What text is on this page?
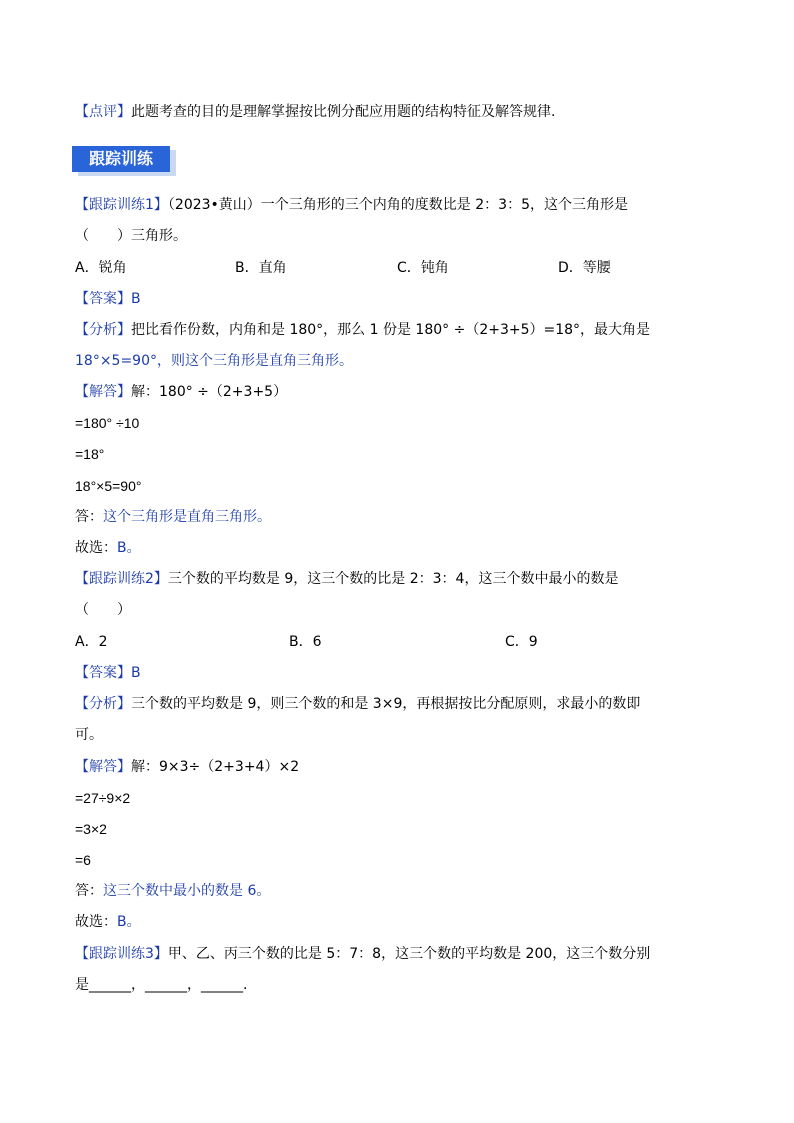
【点评】此题考查的目的是理解掌握按比例分配应用题的结构特征及解答规律.
跟踪训练
【跟踪训练1】（2023•黄山）一个三角形的三个内角的度数比是 2：3：5，这个三角形是
（　　）三角形。
A．锐角	B．直角	C．钝角	D．等腰
【答案】B
【分析】把比看作份数，内角和是 180°，那么 1 份是 180° ÷（2+3+5）=18°，最大角是
18°×5=90°，则这个三角形是直角三角形。
【解答】解：180° ÷（2+3+5）
=180° ÷10
=18°
18°×5=90°
答：这个三角形是直角三角形。
故选：B。
【跟踪训练2】三个数的平均数是 9，这三个数的比是 2：3：4，这三个数中最小的数是
（　　）
A．2	B．6	C．9
【答案】B
【分析】三个数的平均数是 9，则三个数的和是 3×9，再根据按比分配原则，求最小的数即
可。
【解答】解：9×3÷（2+3+4）×2
=27÷9×2
=3×2
=6
答：这三个数中最小的数是 6。
故选：B。
【跟踪训练3】甲、乙、丙三个数的比是 5：7：8，这三个数的平均数是 200，这三个数分别
是______，______，______.
